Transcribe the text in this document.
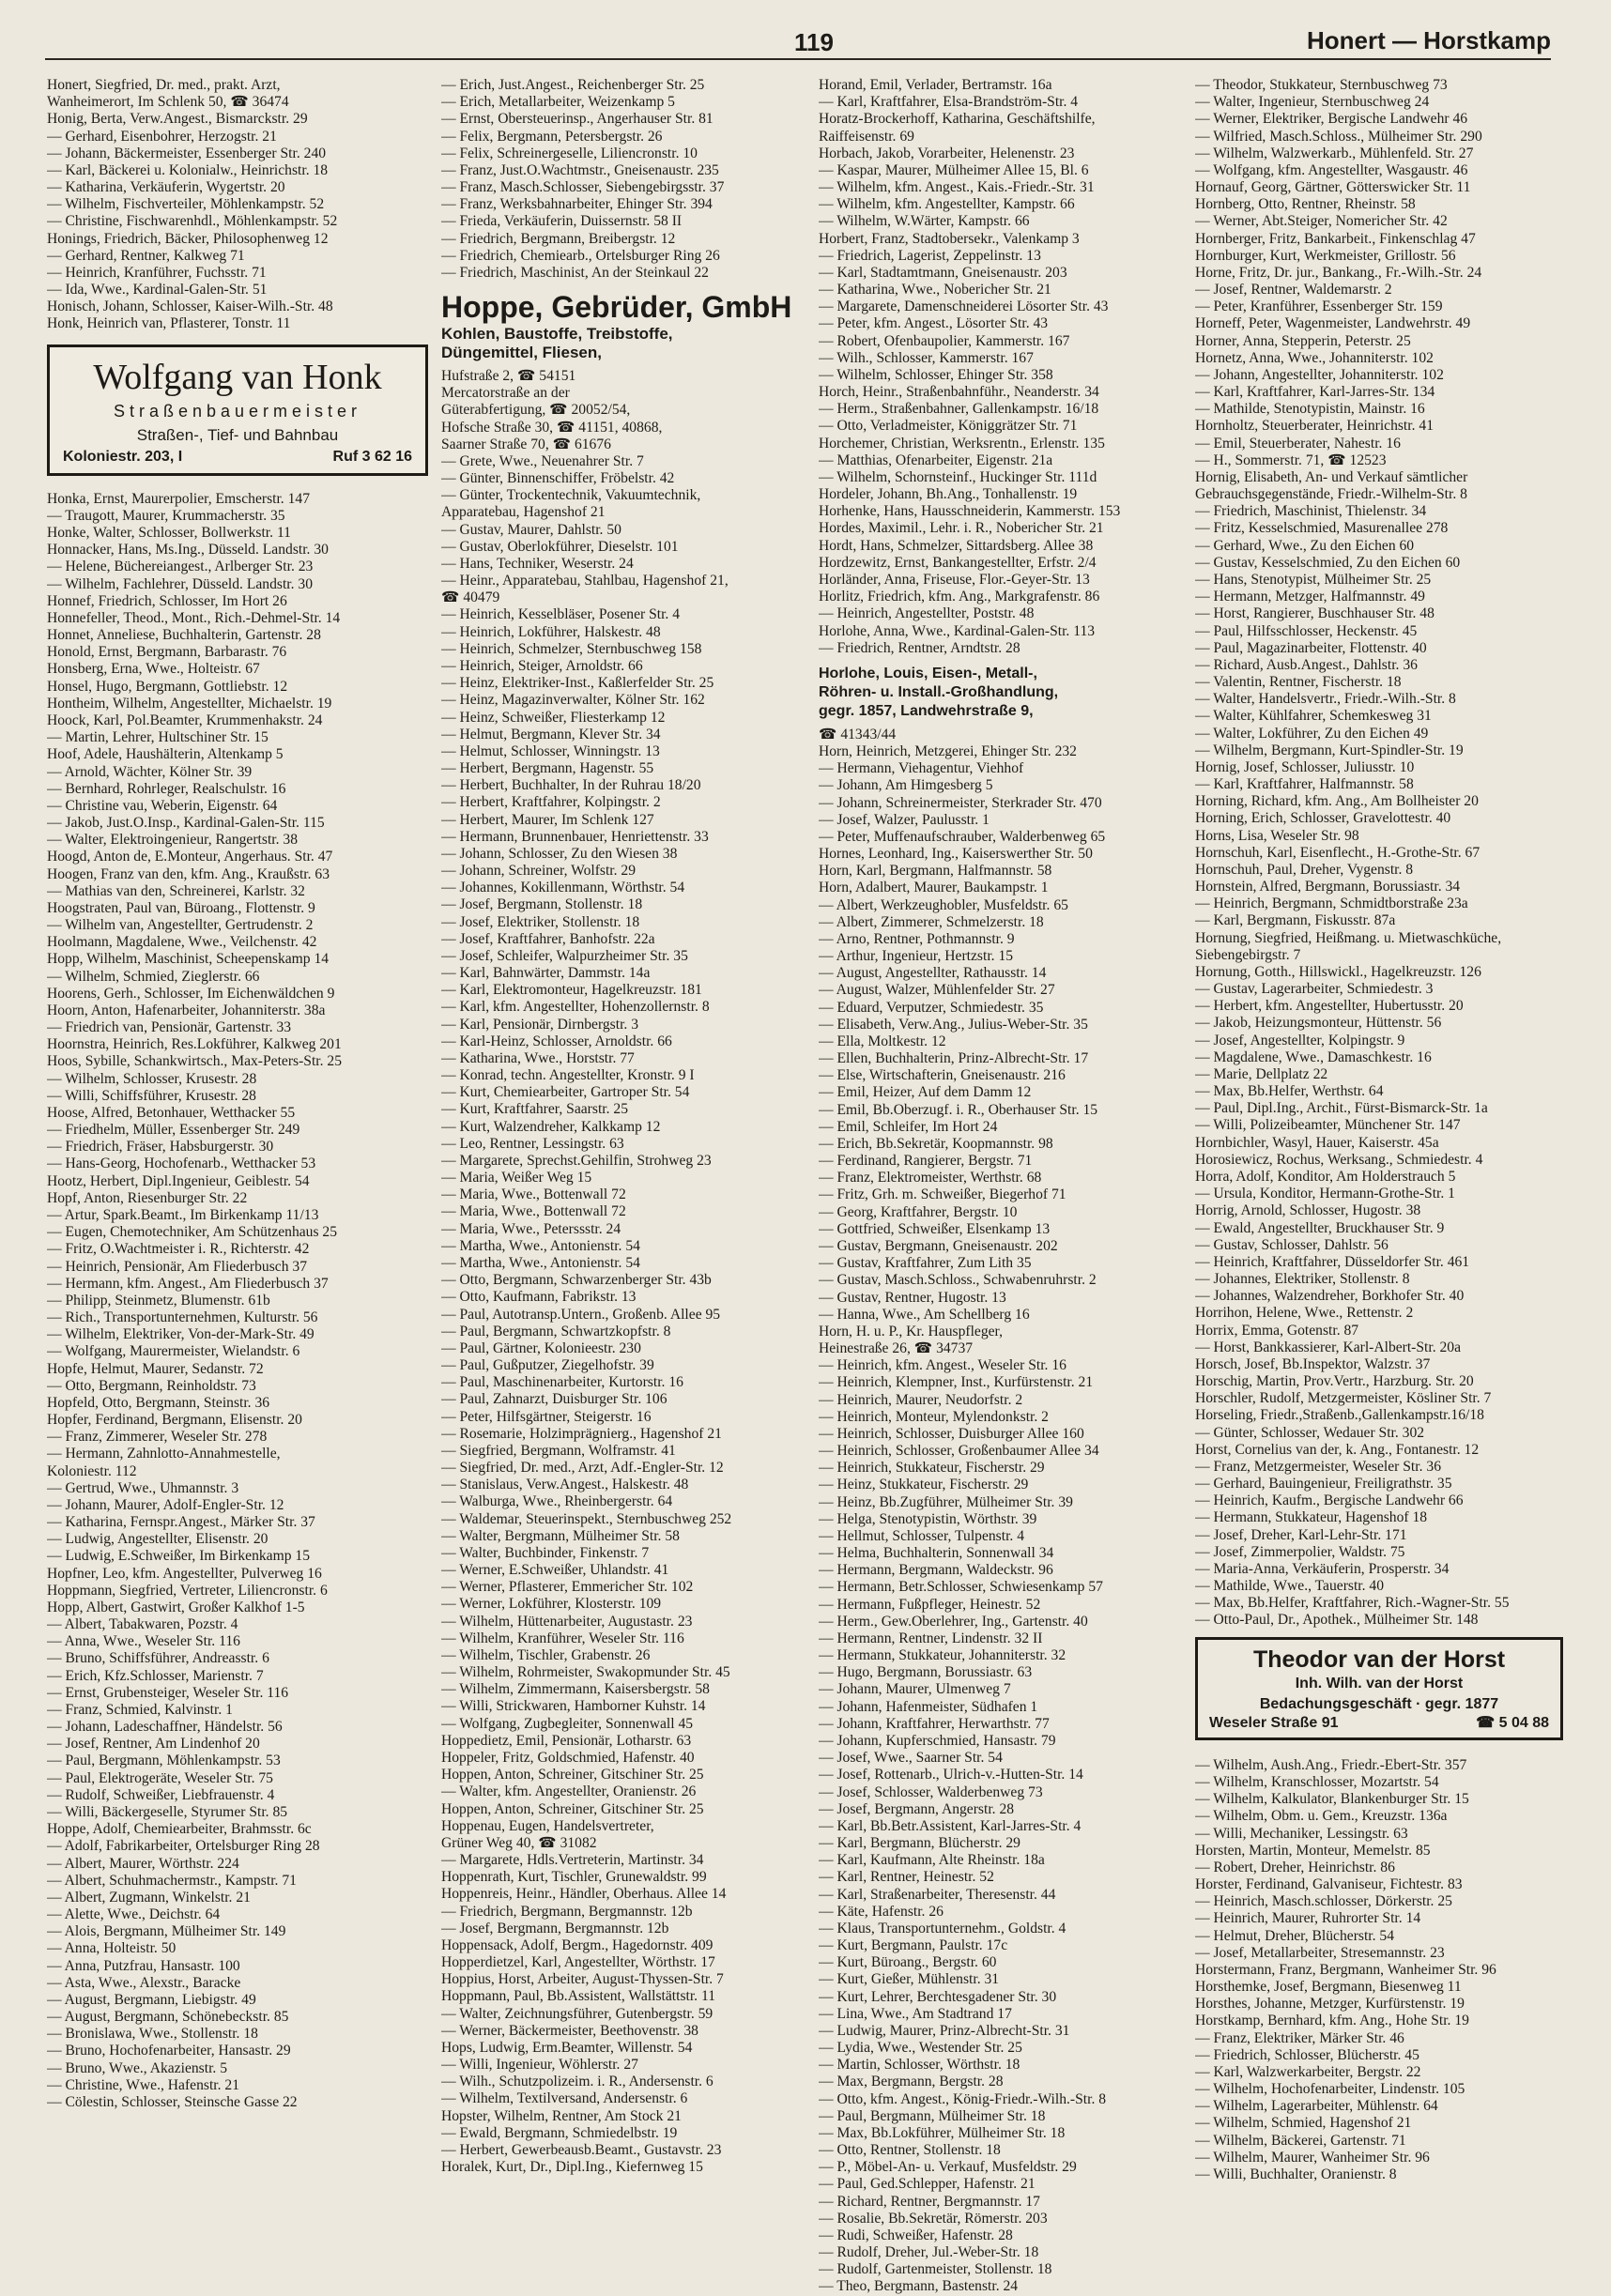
119	Honert — Horstkamp
Honert, Siegfried, Dr. med., prakt. Arzt,
Wanheimerort, Im Schlenk 50, ☎ 36474
Honig, Berta, Verw.Angest., Bismarckstr. 29
— Gerhard, Eisenbohrer, Herzogstr. 21
— Johann, Bäckermeister, Essenberger Str. 240
— Karl, Bäckerei u. Kolonialw., Heinrichstr. 18
— Katharina, Verkäuferin, Wygertstr. 20
— Wilhelm, Fischverteiler, Möhlenkampstr. 52
— Christine, Fischwarenhdl., Möhlenkampstr. 52
Honings, Friedrich, Bäcker, Philosophenweg 12
— Gerhard, Rentner, Kalkweg 71
— Heinrich, Kranführer, Fuchsstr. 71
— Ida, Wwe., Kardinal-Galen-Str. 51
Honisch, Johann, Schlosser, Kaiser-Wilh.-Str. 48
Honk, Heinrich van, Pflasterer, Tonstr. 11
Wolfgang van Honk
Straßenbauermeister
Straßen-, Tief- und Bahnbau
Koloniestr. 203, I	Ruf 3 62 16
Honka, Ernst, Maurerpolier, Emscherstr. 147
— Traugott, Maurer, Krummacherstr. 35
Honke, Walter, Schlosser, Bollwerkstr. 11
Honnacker, Hans, Ms.Ing., Düsseld. Landstr. 30
— Helene, Büchereiangest., Arlberger Str. 23
— Wilhelm, Fachlehrer, Düsseld. Landstr. 30
Honnef, Friedrich, Schlosser, Im Hort 26
Honnefeller, Theod., Mont., Rich.-Dehmel-Str. 14
Honnet, Anneliese, Buchhalterin, Gartenstr. 28
Honold, Ernst, Bergmann, Barbarastr. 76
Honsberg, Erna, Wwe., Holteistr. 67
Honsel, Hugo, Bergmann, Gottliebstr. 12
Hontheim, Wilhelm, Angestellter, Michaelstr. 19
Hoock, Karl, Pol.Beamter, Krummenhakstr. 24
— Martin, Lehrer, Hultschiner Str. 15
Hoof, Adele, Haushälterin, Altenkamp 5
— Arnold, Wächter, Kölner Str. 39
— Bernhard, Rohrleger, Realschulstr. 16
— Christine vau, Weberin, Eigenstr. 64
— Jakob, Just.O.Insp., Kardinal-Galen-Str. 115
— Walter, Elektroingenieur, Rangertstr. 38
Hoogd, Anton de, E.Monteur, Angerhaus. Str. 47
Hoogen, Franz van den, kfm. Ang., Kraußstr. 63
— Mathias van den, Schreinerei, Karlstr. 32
Hoogstraten, Paul van, Büroang., Flottenstr. 9
— Wilhelm van, Angestellter, Gertrudenstr. 2
Hoolmann, Magdalene, Wwe., Veilchenstr. 42
Hopp, Wilhelm, Maschinist, Scheepenskamp 14
— Wilhelm, Schmied, Zieglerstr. 66
Hoorens, Gerh., Schlosser, Im Eichenwäldchen 9
Hoorn, Anton, Hafenarbeiter, Johanniterstr. 38a
— Friedrich van, Pensionär, Gartenstr. 33
Hoornstra, Heinrich, Res.Lokführer, Kalkweg 201
Hoos, Sybille, Schankwirtsch., Max-Peters-Str. 25
— Wilhelm, Schlosser, Krusestr. 28
— Willi, Schiffsführer, Krusestr. 28
Hoose, Alfred, Betonhauer, Wetthacker 55
— Friedhelm, Müller, Essenberger Str. 249
— Friedrich, Fräser, Habsburgerstr. 30
— Hans-Georg, Hochofenarb., Wetthacker 53
Hootz, Herbert, Dipl.Ingenieur, Geiblestr. 54
Hopf, Anton, Riesenburger Str. 22
— Artur, Spark.Beamt., Im Birkenkamp 11/13
— Eugen, Chemotechniker, Am Schützenhaus 25
— Fritz, O.Wachtmeister i. R., Richterstr. 42
— Heinrich, Pensionär, Am Fliederbusch 37
— Hermann, kfm. Angest., Am Fliederbusch 37
— Philipp, Steinmetz, Blumenstr. 61b
— Rich., Transportunternehmen, Kulturstr. 56
— Wilhelm, Elektriker, Von-der-Mark-Str. 49
— Wolfgang, Maurermeister, Wielandstr. 6
Hopfe, Helmut, Maurer, Sedanstr. 72
— Otto, Bergmann, Reinholdstr. 73
Hopfeld, Otto, Bergmann, Steinstr. 36
Hopfer, Ferdinand, Bergmann, Elisenstr. 20
— Franz, Zimmerer, Weseler Str. 278
— Hermann, Zahnlotto-Annahmestelle,
Koloniestr. 112
— Gertrud, Wwe., Uhmannstr. 3
— Johann, Maurer, Adolf-Engler-Str. 12
— Katharina, Fernspr.Angest., Märker Str. 37
— Ludwig, Angestellter, Elisenstr. 20
— Ludwig, E.Schweißer, Im Birkenkamp 15
Hopfner, Leo, kfm. Angestellter, Pulverweg 16
Hoppmann, Siegfried, Vertreter, Liliencronstr. 6
Hopp, Albert, Gastwirt, Großer Kalkhof 1-5
— Albert, Tabakwaren, Pozstr. 4
— Anna, Wwe., Weseler Str. 116
— Bruno, Schiffsführer, Andreasstr. 6
— Erich, Kfz.Schlosser, Marienstr. 7
— Ernst, Grubensteiger, Weseler Str. 116
— Franz, Schmied, Kalvinstr. 1
— Johann, Ladeschaffner, Händelstr. 56
— Josef, Rentner, Am Lindenhof 20
— Paul, Bergmann, Möhlenkampstr. 53
— Paul, Elektrogeräte, Weseler Str. 75
— Rudolf, Schweißer, Liebfrauenstr. 4
— Willi, Bäckergeselle, Styrumer Str. 85
Hoppe, Adolf, Chemiearbeiter, Brahmsstr. 6c
— Adolf, Fabrikarbeiter, Ortelsburger Ring 28
— Albert, Maurer, Wörthstr. 224
— Albert, Schuhmachermstr., Kampstr. 71
— Albert, Zugmann, Winkelstr. 21
— Alette, Wwe., Deichstr. 64
— Alois, Bergmann, Mülheimer Str. 149
— Anna, Holteistr. 50
— Anna, Putzfrau, Hansastr. 100
— Asta, Wwe., Alexstr., Baracke
— August, Bergmann, Liebigstr. 49
— August, Bergmann, Schönebeckstr. 85
— Bronislawa, Wwe., Stollenstr. 18
— Bruno, Hochofenarbeiter, Hansastr. 29
— Bruno, Wwe., Akazienstr. 5
— Christine, Wwe., Hafenstr. 21
— Cölestin, Schlosser, Steinsche Gasse 22
— Erich, Just.Angest., Reichenberger Str. 25
— Erich, Metallarbeiter, Weizenkamp 5
— Ernst, Obersteuerinsp., Angerhauser Str. 81
— Felix, Bergmann, Petersbergstr. 26
— Felix, Schreinergeselle, Liliencronstr. 10
— Franz, Just.O.Wachtmstr., Gneisenaustr. 235
— Franz, Masch.Schlosser, Siebengebirgsstr. 37
— Franz, Werksbahnarbeiter, Ehinger Str. 394
— Frieda, Verkäuferin, Duissernstr. 58 II
— Friedrich, Bergmann, Breibergstr. 12
— Friedrich, Chemiearb., Ortelsburger Ring 26
— Friedrich, Maschinist, An der Steinkaul 22
Hoppe, Gebrüder, GmbH
Kohlen, Baustoffe, Treibstoffe,
Düngemittel, Fliesen,
Hufstraße 2, ☎ 54151
Mercatorstraße an der
Güterabfertigung, ☎ 20052/54,
Hofsche Straße 30, ☎ 41151, 40868,
Saarner Straße 70, ☎ 61676
— Grete, Wwe., Neuenahrer Str. 7
— Günter, Binnenschiffer, Fröbelstr. 42
— Günter, Trockentechnik, Vakuumtechnik,
Apparatebau, Hagenshof 21
— Gustav, Maurer, Dahlstr. 50
— Gustav, Oberlokführer, Dieselstr. 101
— Hans, Techniker, Weserstr. 24
— Heinr., Apparatebau, Stahlbau, Hagenshof 21,
☎ 40479
— Heinrich, Kesselbläser, Posener Str. 4
— Heinrich, Lokführer, Halskestr. 48
— Heinrich, Schmelzer, Sternbuschweg 158
— Heinrich, Steiger, Arnoldstr. 66
— Heinz, Elektriker-Inst., Kaßlerfelder Str. 25
— Heinz, Magazinverwalter, Kölner Str. 162
— Heinz, Schweißer, Fliesterkamp 12
— Helmut, Bergmann, Klever Str. 34
— Helmut, Schlosser, Winningstr. 13
— Herbert, Bergmann, Hagenstr. 55
— Herbert, Buchhalter, In der Ruhrau 18/20
— Herbert, Kraftfahrer, Kolpingstr. 2
— Herbert, Maurer, Im Schlenk 127
— Hermann, Brunnenbauer, Henriettenstr. 33
— Johann, Schlosser, Zu den Wiesen 38
— Johann, Schreiner, Wolfstr. 29
— Johannes, Kokillenmann, Wörthstr. 54
— Josef, Bergmann, Stollenstr. 18
— Josef, Elektriker, Stollenstr. 18
— Josef, Kraftfahrer, Banhofstr. 22a
— Josef, Schleifer, Walpurzheimer Str. 35
— Karl, Bahnwärter, Dammstr. 14a
— Karl, Elektromonteur, Hagelkreuzstr. 181
— Karl, kfm. Angestellter, Hohenzollernstr. 8
— Karl, Pensionär, Dirnbergstr. 3
— Karl-Heinz, Schlosser, Arnoldstr. 66
— Katharina, Wwe., Horststr. 77
— Konrad, techn. Angestellter, Kronstr. 9 I
— Kurt, Chemiearbeiter, Gartroper Str. 54
— Kurt, Kraftfahrer, Saarstr. 25
— Kurt, Walzendreher, Kalkkamp 12
— Leo, Rentner, Lessingstr. 63
— Margarete, Sprechst.Gehilfin, Strohweg 23
— Maria, Weißer Weg 15
— Maria, Wwe., Bottenwall 72
— Maria, Wwe., Bottenwall 72
— Maria, Wwe., Peterssstr. 24
— Martha, Wwe., Antonienstr. 54
— Martha, Wwe., Antonienstr. 54
— Otto, Bergmann, Schwarzenberger Str. 43b
— Otto, Kaufmann, Fabrikstr. 13
— Paul, Autotransp.Untern., Großenb. Allee 95
— Paul, Bergmann, Schwartzkopfstr. 8
— Paul, Gärtner, Kolonieestr. 230
— Paul, Gußputzer, Ziegelhofstr. 39
— Paul, Maschinenarbeiter, Kurtorstr. 16
— Paul, Zahnarzt, Duisburger Str. 106
— Peter, Hilfsgärtner, Steigerstr. 16
— Rosemarie, Holzimprägnierg., Hagenshof 21
— Siegfried, Bergmann, Wolframstr. 41
— Siegfried, Dr. med., Arzt, Adf.-Engler-Str. 12
— Stanislaus, Verw.Angest., Halskestr. 48
— Walburga, Wwe., Rheinbergerstr. 64
— Waldemar, Steuerinspekt., Sternbuschweg 252
— Walter, Bergmann, Mülheimer Str. 58
— Walter, Buchbinder, Finkenstr. 7
— Werner, E.Schweißer, Uhlandstr. 41
— Werner, Pflasterer, Emmericher Str. 102
— Werner, Lokführer, Klosterstr. 109
— Wilhelm, Hüttenarbeiter, Augustastr. 23
— Wilhelm, Kranführer, Weseler Str. 116
— Wilhelm, Tischler, Grabenstr. 26
— Wilhelm, Rohrmeister, Swakopmunder Str. 45
— Wilhelm, Zimmermann, Kaisersbergstr. 58
— Willi, Strickwaren, Hamborner Kuhstr. 14
— Wolfgang, Zugbegleiter, Sonnenwall 45
Hoppedietz, Emil, Pensionär, Lotharstr. 63
Hoppeler, Fritz, Goldschmied, Hafenstr. 40
Hoppen, Anton, Schreiner, Gitschiner Str. 25
— Walter, kfm. Angestellter, Oranienstr. 26
Hoppen, Anton, Schreiner, Gitschiner Str. 25
Hoppenau, Eugen, Handelsvertreter,
Grüner Weg 40, ☎ 31082
— Margarete, Hdls.Vertreterin, Martinstr. 34
Hoppenrath, Kurt, Tischler, Grunewaldstr. 99
Hoppenreis, Heinr., Händler, Oberhaus. Allee 14
— Friedrich, Bergmann, Bergmannstr. 12b
— Josef, Bergmann, Bergmannstr. 12b
Hoppensack, Adolf, Bergm., Hagedornstr. 409
Hopperdietzel, Karl, Angestellter, Wörthstr. 17
Hoppius, Horst, Arbeiter, August-Thyssen-Str. 7
Hoppmann, Paul, Bb.Assistent, Wallstättstr. 11
— Walter, Zeichnungsführer, Gutenbergstr. 59
— Werner, Bäckermeister, Beethovenstr. 38
Hops, Ludwig, Erm.Beamter, Willenstr. 54
— Willi, Ingenieur, Wöhlerstr. 27
— Wilh., Schutzpolizeim. i. R., Andersenstr. 6
— Wilhelm, Textilversand, Andersenstr. 6
Hopster, Wilhelm, Rentner, Am Stock 21
— Ewald, Bergmann, Schmiedelbstr. 19
— Herbert, Gewerbeausb.Beamt., Gustavstr. 23
Horalek, Kurt, Dr., Dipl.Ing., Kiefernweg 15
Horand, Emil, Verlader, Bertramstr. 16a
— Karl, Kraftfahrer, Elsa-Brandström-Str. 4
Horatz-Brockerhoff, Katharina, Geschäftshilfe,
Raiffeisenstr. 69
Horbach, Jakob, Vorarbeiter, Helenenstr. 23
— Kaspar, Maurer, Mülheimer Allee 15, Bl. 6
— Wilhelm, kfm. Angest., Kais.-Friedr.-Str. 31
— Wilhelm, kfm. Angestellter, Kampstr. 66
— Wilhelm, W.Wärter, Kampstr. 66
Horbert, Franz, Stadtobersekr., Valenkamp 3
— Friedrich, Lagerist, Zeppelinstr. 13
— Karl, Stadtamtmann, Gneisenaustr. 203
— Katharina, Wwe., Nobericher Str. 21
— Margarete, Damenschneiderei Lösorter Str. 43
— Peter, kfm. Angest., Lösorter Str. 43
— Robert, Ofenbaupolier, Kammerstr. 167
— Wilh., Schlosser, Kammerstr. 167
— Wilhelm, Schlosser, Ehinger Str. 358
Horch, Heinr., Straßenbahnführ., Neanderstr. 34
— Herm., Straßenbahner, Gallenkampstr. 16/18
— Otto, Verladmeister, Königgrätzer Str. 71
Horchemer, Christian, Werksrentn., Erlenstr. 135
— Matthias, Ofenarbeiter, Eigenstr. 21a
— Wilhelm, Schornsteinf., Huckinger Str. 111d
Hordeler, Johann, Bh.Ang., Tonhallenstr. 19
Horhenke, Hans, Hausschneiderin, Kammerstr. 153
Hordes, Maximil., Lehr. i. R., Nobericher Str. 21
Hordt, Hans, Schmelzer, Sittardsberg. Allee 38
Hordzewitz, Ernst, Bankangestellter, Erfstr. 2/4
Horländer, Anna, Friseuse, Flor.-Geyer-Str. 13
Horlitz, Friedrich, kfm. Ang., Markgrafenstr. 86
— Heinrich, Angestellter, Poststr. 48
Horlohe, Anna, Wwe., Kardinal-Galen-Str. 113
— Friedrich, Rentner, Arndtstr. 28
Horlohe, Louis, Eisen-, Metall-,
Röhren- u. Install.-Großhandlung,
gegr. 1857, Landwehrstraße 9,
☎ 41343/44
Horn, Heinrich, Metzgerei, Ehinger Str. 232
— Hermann, Viehagentur, Viehhof
— Johann, Am Himgesberg 5
— Johann, Schreinermeister, Sterkrader Str. 470
— Josef, Walzer, Paulusstr. 1
— Peter, Muffenaufschrauber, Walderbenweg 65
Hornes, Leonhard, Ing., Kaiserswerther Str. 50
Horn, Karl, Bergmann, Halfmannstr. 58
Horn, Adalbert, Maurer, Baukampstr. 1
— Albert, Werkzeughobler, Musfeldstr. 65
— Albert, Zimmerer, Schmelzerstr. 18
— Arno, Rentner, Pothmannstr. 9
— Arthur, Ingenieur, Hertzstr. 15
— August, Angestellter, Rathausstr. 14
— August, Walzer, Mühlenfelder Str. 27
— Eduard, Verputzer, Schmiedestr. 35
— Elisabeth, Verw.Ang., Julius-Weber-Str. 35
— Ella, Moltkestr. 12
— Ellen, Buchhalterin, Prinz-Albrecht-Str. 17
— Else, Wirtschafterin, Gneisenaustr. 216
— Emil, Heizer, Auf dem Damm 12
— Emil, Bb.Oberzugf. i. R., Oberhauser Str. 15
— Emil, Schleifer, Im Hort 24
— Erich, Bb.Sekretär, Koopmannstr. 98
— Ferdinand, Rangierer, Bergstr. 71
— Franz, Elektromeister, Werthstr. 68
— Fritz, Grh. m. Schweißer, Biegerhof 71
— Georg, Kraftfahrer, Bergstr. 10
— Gottfried, Schweißer, Elsenkamp 13
— Gustav, Bergmann, Gneisenaustr. 202
— Gustav, Kraftfahrer, Zum Lith 35
— Gustav, Masch.Schloss., Schwabenruhrstr. 2
— Gustav, Rentner, Hugostr. 13
— Hanna, Wwe., Am Schellberg 16
Horn, H. u. P., Kr. Hauspfleger,
Heinestraße 26, ☎ 34737
— Heinrich, kfm. Angest., Weseler Str. 16
— Heinrich, Klempner, Inst., Kurfürstenstr. 21
— Heinrich, Maurer, Neudorfstr. 2
— Heinrich, Monteur, Mylendonkstr. 2
— Heinrich, Schlosser, Duisburger Allee 160
— Heinrich, Schlosser, Großenbaumer Allee 34
— Heinrich, Stukkateur, Fischerstr. 29
— Heinz, Stukkateur, Fischerstr. 29
— Heinz, Bb.Zugführer, Mülheimer Str. 39
— Helga, Stenotypistin, Wörthstr. 39
— Hellmut, Schlosser, Tulpenstr. 4
— Helma, Buchhalterin, Sonnenwall 34
— Hermann, Bergmann, Waldeckstr. 96
— Hermann, Betr.Schlosser, Schwiesenkamp 57
— Hermann, Fußpfleger, Heinestr. 52
— Herm., Gew.Oberlehrer, Ing., Gartenstr. 40
— Hermann, Rentner, Lindenstr. 32 II
— Hermann, Stukkateur, Johanniterstr. 32
— Hugo, Bergmann, Borussiastr. 63
— Johann, Maurer, Ulmenweg 7
— Johann, Hafenmeister, Südhafen 1
— Johann, Kraftfahrer, Herwarthstr. 77
— Johann, Kupferschmied, Hansastr. 79
— Josef, Wwe., Saarner Str. 54
— Josef, Rottenarb., Ulrich-v.-Hutten-Str. 14
— Josef, Schlosser, Walderbenweg 73
— Josef, Bergmann, Angerstr. 28
— Karl, Bb.Betr.Assistent, Karl-Jarres-Str. 4
— Karl, Bergmann, Blücherstr. 29
— Karl, Kaufmann, Alte Rheinstr. 18a
— Karl, Rentner, Heinestr. 52
— Karl, Straßenarbeiter, Theresenstr. 44
— Käte, Hafenstr. 26
— Klaus, Transportunternehm., Goldstr. 4
— Kurt, Bergmann, Paulstr. 17c
— Kurt, Büroang., Bergstr. 60
— Kurt, Gießer, Mühlenstr. 31
— Kurt, Lehrer, Berchtesgadener Str. 30
— Lina, Wwe., Am Stadtrand 17
— Ludwig, Maurer, Prinz-Albrecht-Str. 31
— Lydia, Wwe., Westender Str. 25
— Martin, Schlosser, Wörthstr. 18
— Max, Bergmann, Bergstr. 28
— Otto, kfm. Angest., König-Friedr.-Wilh.-Str. 8
— Paul, Bergmann, Mülheimer Str. 18
— Max, Bb.Lokführer, Mülheimer Str. 18
— Otto, Rentner, Stollenstr. 18
— P., Möbel-An- u. Verkauf, Musfeldstr. 29
— Paul, Ged.Schlepper, Hafenstr. 21
— Richard, Rentner, Bergmannstr. 17
— Rosalie, Bb.Sekretär, Römerstr. 203
— Rudi, Schweißer, Hafenstr. 28
— Rudolf, Dreher, Jul.-Weber-Str. 18
— Rudolf, Gartenmeister, Stollenstr. 18
— Theo, Bergmann, Bastenstr. 24
— Theodor, Stukkateur, Sternbuschweg 73
— Walter, Ingenieur, Sternbuschweg 24
— Werner, Elektriker, Bergische Landwehr 46
— Wilfried, Masch.Schloss., Mülheimer Str. 290
— Wilhelm, Walzwerkarb., Mühlenfeld. Str. 27
— Wolfgang, kfm. Angestellter, Wasgaustr. 46
Hornauf, Georg, Gärtner, Götterswicker Str. 11
Hornberg, Otto, Rentner, Rheinstr. 58
— Werner, Abt.Steiger, Nomericher Str. 42
Hornberger, Fritz, Bankarbeit., Finkenschlag 47
Hornburger, Kurt, Werkmeister, Grillostr. 56
Horne, Fritz, Dr. jur., Bankang., Fr.-Wilh.-Str. 24
— Josef, Rentner, Waldemarstr. 2
— Peter, Kranführer, Essenberger Str. 159
Horneff, Peter, Wagenmeister, Landwehrstr. 49
Horner, Anna, Stepperin, Peterstr. 25
Hornetz, Anna, Wwe., Johanniterstr. 102
— Johann, Angestellter, Johanniterstr. 102
— Karl, Kraftfahrer, Karl-Jarres-Str. 134
— Mathilde, Stenotypistin, Mainstr. 16
Hornholtz, Steuerberater, Heinrichstr. 41
— Emil, Steuerberater, Nahestr. 16
— H., Sommerstr. 71, ☎ 12523
Hornig, Elisabeth, An- und Verkauf sämtlicher
Gebrauchsgegenstände, Friedr.-Wilhelm-Str. 8
— Friedrich, Maschinist, Thielenstr. 34
— Fritz, Kesselschmied, Masurenallee 278
— Gerhard, Wwe., Zu den Eichen 60
— Gustav, Kesselschmied, Zu den Eichen 60
— Hans, Stenotypist, Mülheimer Str. 25
— Hermann, Metzger, Halfmannstr. 49
— Horst, Rangierer, Buschhauser Str. 48
— Paul, Hilfsschlosser, Heckenstr. 45
— Paul, Magazinarbeiter, Flottenstr. 40
— Richard, Ausb.Angest., Dahlstr. 36
— Valentin, Rentner, Fischerstr. 18
— Walter, Handelsvertr., Friedr.-Wilh.-Str. 8
— Walter, Kühlfahrer, Schemkesweg 31
— Walter, Lokführer, Zu den Eichen 49
— Wilhelm, Bergmann, Kurt-Spindler-Str. 19
Hornig, Josef, Schlosser, Juliusstr. 10
— Karl, Kraftfahrer, Halfmannstr. 58
Horning, Richard, kfm. Ang., Am Bollheister 20
Horning, Erich, Schlosser, Gravelottestr. 40
Horns, Lisa, Weseler Str. 98
Hornschuh, Karl, Eisenflecht., H.-Grothe-Str. 67
Hornschuh, Paul, Dreher, Vygenstr. 8
Hornstein, Alfred, Bergmann, Borussiastr. 34
— Heinrich, Bergmann, Schmidtborstraße 23a
— Karl, Bergmann, Fiskusstr. 87a
Hornung, Siegfried, Heißmang. u. Mietwaschküche,
Siebengebirgstr. 7
Hornung, Gotth., Hillswickl., Hagelkreuzstr. 126
— Gustav, Lagerarbeiter, Schmiedestr. 3
— Herbert, kfm. Angestellter, Hubertusstr. 20
— Jakob, Heizungsmonteur, Hüttenstr. 56
— Josef, Angestellter, Kolpingstr. 9
— Magdalene, Wwe., Damaschkestr. 16
— Marie, Dellplatz 22
— Max, Bb.Helfer, Werthstr. 64
— Paul, Dipl.Ing., Archit., Fürst-Bismarck-Str. 1a
— Willi, Polizeibeamter, Münchener Str. 147
Hornbichler, Wasyl, Hauer, Kaiserstr. 45a
Horosiewicz, Rochus, Werksang., Schmiedestr. 4
Horra, Adolf, Konditor, Am Holderstrauch 5
— Ursula, Konditor, Hermann-Grothe-Str. 1
Horrig, Arnold, Schlosser, Hugostr. 38
— Ewald, Angestellter, Bruckhauser Str. 9
— Gustav, Schlosser, Dahlstr. 56
— Heinrich, Kraftfahrer, Düsseldorfer Str. 461
— Johannes, Elektriker, Stollenstr. 8
— Johannes, Walzendreher, Borkhofer Str. 40
Horrihon, Helene, Wwe., Rettenstr. 2
Horrix, Emma, Gotenstr. 87
— Horst, Bankkassierer, Karl-Albert-Str. 20a
Horsch, Josef, Bb.Inspektor, Walzstr. 37
Horschig, Martin, Prov.Vertr., Harzburg. Str. 20
Horschler, Rudolf, Metzgermeister, Kösliner Str. 7
Horseling, Friedr.,Straßenb.,Gallenkampstr.16/18
— Günter, Schlosser, Wedauer Str. 302
Horst, Cornelius van der, k. Ang., Fontanestr. 12
— Franz, Metzgermeister, Weseler Str. 36
— Gerhard, Bauingenieur, Freiligrathstr. 35
— Heinrich, Kaufm., Bergische Landwehr 66
— Hermann, Stukkateur, Hagenshof 18
— Josef, Dreher, Karl-Lehr-Str. 171
— Josef, Zimmerpolier, Waldstr. 75
— Maria-Anna, Verkäuferin, Prosperstr. 34
— Mathilde, Wwe., Tauerstr. 40
— Max, Bb.Helfer, Kraftfahrer, Rich.-Wagner-Str. 55
— Otto-Paul, Dr., Apothek., Mülheimer Str. 148
Theodor van der Horst
Inh. Wilh. van der Horst
Bedachungsgeschäft · gegr. 1877
Weseler Straße 91	☎ 5 04 88
— Wilhelm, Aush.Ang., Friedr.-Ebert-Str. 357
— Wilhelm, Kranschlosser, Mozartstr. 54
— Wilhelm, Kalkulator, Blankenburger Str. 15
— Wilhelm, Obm. u. Gem., Kreuzstr. 136a
— Willi, Mechaniker, Lessingstr. 63
Horsten, Martin, Monteur, Memelstr. 85
— Robert, Dreher, Heinrichstr. 86
Horster, Ferdinand, Galvaniseur, Fichtestr. 83
— Heinrich, Masch.schlosser, Dörkerstr. 25
— Heinrich, Maurer, Ruhrorter Str. 14
— Helmut, Dreher, Blücherstr. 54
— Josef, Metallarbeiter, Stresemannstr. 23
Horstermann, Franz, Bergmann, Wanheimer Str. 96
Horsthemke, Josef, Bergmann, Biesenweg 11
Horsthes, Johanne, Metzger, Kurfürstenstr. 19
Horstkamp, Bernhard, kfm. Ang., Hohe Str. 19
— Franz, Elektriker, Märker Str. 46
— Friedrich, Schlosser, Blücherstr. 45
— Karl, Walzwerkarbeiter, Bergstr. 22
— Wilhelm, Hochofenarbeiter, Lindenstr. 105
— Wilhelm, Lagerarbeiter, Mühlenstr. 64
— Wilhelm, Schmied, Hagenshof 21
— Wilhelm, Bäckerei, Gartenstr. 71
— Wilhelm, Maurer, Wanheimer Str. 96
— Willi, Buchhalter, Oranienstr. 8
